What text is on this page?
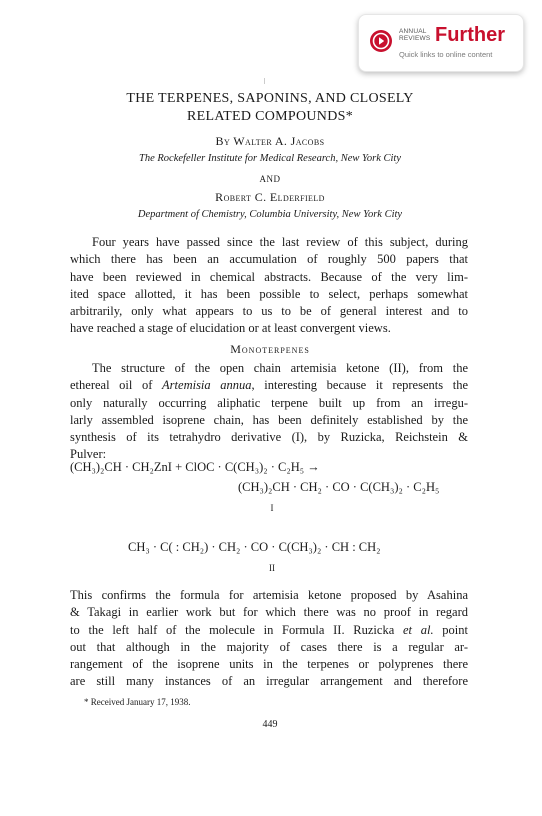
ANNUAL REVIEWS Further
Quick links to online content
THE TERPENES, SAPONINS, AND CLOSELY
RELATED COMPOUNDS*
By Walter A. Jacobs
The Rockefeller Institute for Medical Research, New York City
AND
Robert C. Elderfield
Department of Chemistry, Columbia University, New York City
Four years have passed since the last review of this subject, during
which there has been an accumulation of roughly 500 papers that
have been reviewed in chemical abstracts. Because of the very lim-
ited space allotted, it has been possible to select, perhaps somewhat
arbitrarily, only what appears to us to be of general interest and to
have reached a stage of elucidation or at least convergent views.
Monoterpenes
The structure of the open chain artemisia ketone (II), from the
ethereal oil of Artemisia annua, interesting because it represents the
only naturally occurring aliphatic terpene built up from an irregu-
larly assembled isoprene chain, has been definitely established by the
synthesis of its tetrahydro derivative (I), by Ruzicka, Reichstein &
Pulver:
(CH₃)₂CH · CH₂ZnI + ClOC · C(CH₃)₂ · C₂H₅ →
(CH₃)₂CH · CH₂ · CO · C(CH₃)₂ · C₂H₅
I
CH₃ · C( : CH₂) · CH₂ · CO · C(CH₃)₂ · CH : CH₂
II
This confirms the formula for artemisia ketone proposed by Asahina
& Takagi in earlier work but for which there was no proof in regard
to the left half of the molecule in Formula II. Ruzicka et al. point
out that although in the majority of cases there is a regular ar-
rangement of the isoprene units in the terpenes or polyprenes there
are still many instances of an irregular arrangement and therefore
* Received January 17, 1938.
449
